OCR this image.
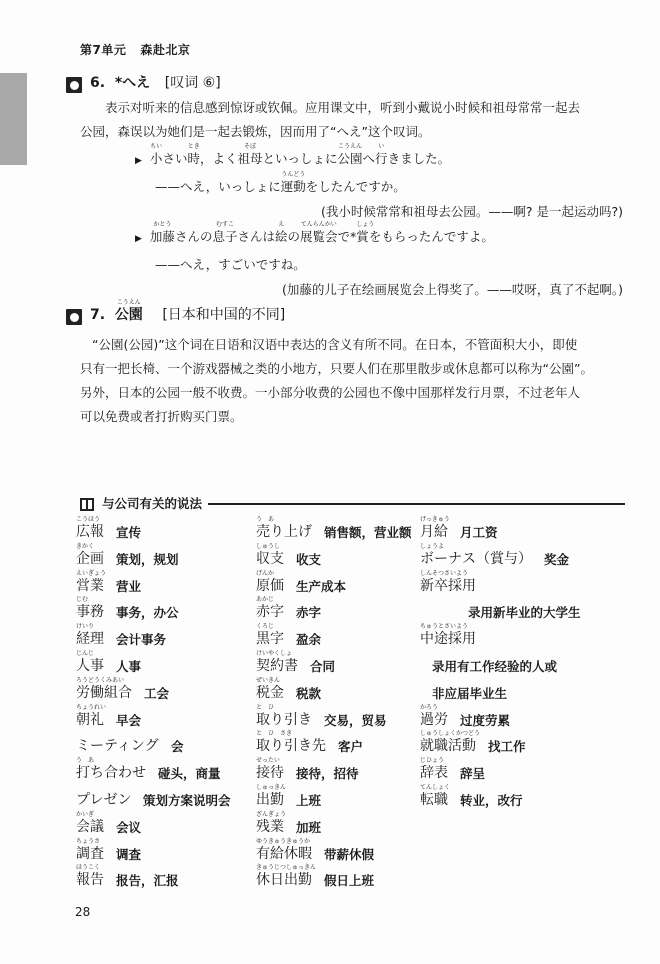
第7单元 森赴北京
6. *へえ [叹词 ⑥]
表示对听来的信息感到惊讶或钦佩。应用课文中，听到小戴说小时候和祖母常常一起去
公园，森误以为她们是一起去锻炼，因而用了“へえ”这个叹词。
▶
ちい
小さい
とき
時，よく
そぼ
祖母といっしょに
こうえん
公園へ
い
行きました。
——へえ，いっしょに
うんどう
運動をしたんですか。
(我小时候常常和祖母去公园。——啊? 是一起运动吗?)
▶
かとう
加藤さんの
むすこ
息子さんは
え
絵の
てんらんかい
展覧会で*
しょう
賞をもらったんですよ。
——へえ，すごいですね。
(加藤的儿子在绘画展览会上得奖了。——哎呀，真了不起啊。)
7.
こうえん
公園 [日本和中国的不同]
“公園(公园)”这个词在日语和汉语中表达的含义有所不同。在日本，不管面积大小，即使
只有一把长椅、一个游戏器械之类的小地方，只要人们在那里散步或休息都可以称为“公園”。
另外，日本的公园一般不收费。一小部分收费的公园也不像中国那样发行月票，不过老年人
可以免费或者打折购买门票。
与公司有关的说法
こうほう
広報 宣传
きかく
企画 策划，规划
えいぎょう
営業 营业
じむ
事務 事务，办公
けいり
経理 会计事务
じんじ
人事 人事
ろうどうくみあい
労働組合 工会
ちょうれい
朝礼 早会
ミーティング 会
う　あ
打ち合わせ 碰头，商量
プレゼン 策划方案说明会
かいぎ
会議 会议
ちょうさ
調査 调查
ほうこく
報告 报告，汇报
う　あ
売り上げ 销售额，营业额
しゅうし
収支 收支
げんか
原価 生产成本
あかじ
赤字 赤字
くろじ
黒字 盈余
けいやくしょ
契約書 合同
ぜいきん
税金 税款
と　ひ
取り引き 交易，贸易
と　ひ　さき
取り引き先 客户
せったい
接待 接待，招待
しゅっきん
出勤 上班
ざんぎょう
残業 加班
ゆうきゅうきゅうか
有給休暇 带薪休假
きゅうじつしゅっきん
休日出勤 假日上班
げっきゅう
月給 月工资
しょうよ
ボーナス（賞与） 奖金
しんそつさいよう
新卒採用
录用新毕业的大学生
ちゅうとさいよう
中途採用
录用有工作经验的人或
非应届毕业生
かろう
過労 过度劳累
しゅうしょくかつどう
就職活動 找工作
じひょう
辞表 辞呈
てんしょく
転職 转业，改行
28
